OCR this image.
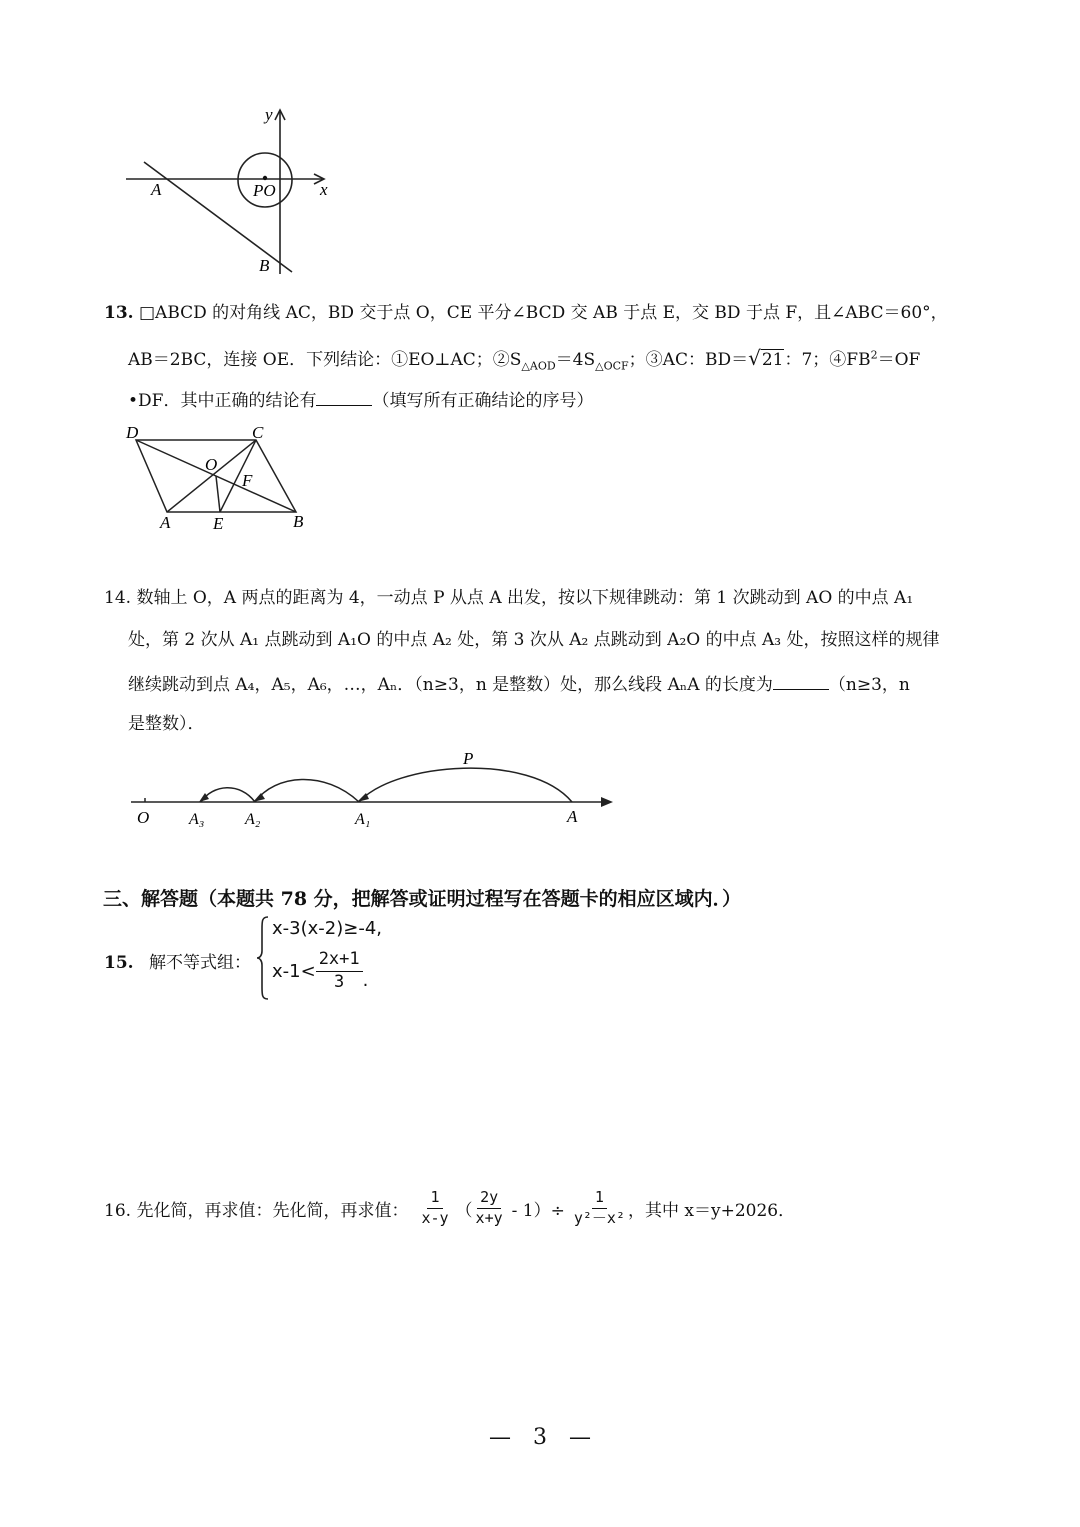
y
x
A	PO
B
13. □ABCD 的对角线 AC，BD 交于点 O，CE 平分∠BCD 交 AB 于点 E，交 BD 于点 F，且∠ABC＝60°，
AB＝2BC，连接 OE．下列结论：①EO⊥AC；$②S_{\triangle AOD}=4S_{\triangle OCF}$；③AC：BD＝√21：7；$④FB^2=OF$
•DF．其中正确的结论有	（填写所有正确结论的序号）
D	C
O
F
A	E	B
14. 数轴上 O，A 两点的距离为 4，一动点 P 从点 A 出发，按以下规律跳动：第 1 次跳动到 AO 的中点 A₁
处，第 2 次从 A₁ 点跳动到 A₁O 的中点 A₂ 处，第 3 次从 A₂ 点跳动到 A₂O 的中点 A₃ 处，按照这样的规律
继续跳动到点 A₄，A₅，A₆，…，Aₙ．（n≥3，n 是整数）处，那么线段 AₙA 的长度为	（n≥3，n
是整数）．
P
O A₃	A₂	A₁	A
三、解答题（本题共 78 分，把解答或证明过程写在答题卡的相应区域内．）
15. 解不等式组：
x-3(x-2)≥-4,
$x-1< \frac{2x+1}{3}$ .
16. 先化简，再求值：先化简，再求值： $\frac{1}{x-y}$ （ $\frac{2y}{x+y} - 1)\div \frac{1}{\text{y²－x²}}$ ，其中 x＝y+2026．
—　3　—
